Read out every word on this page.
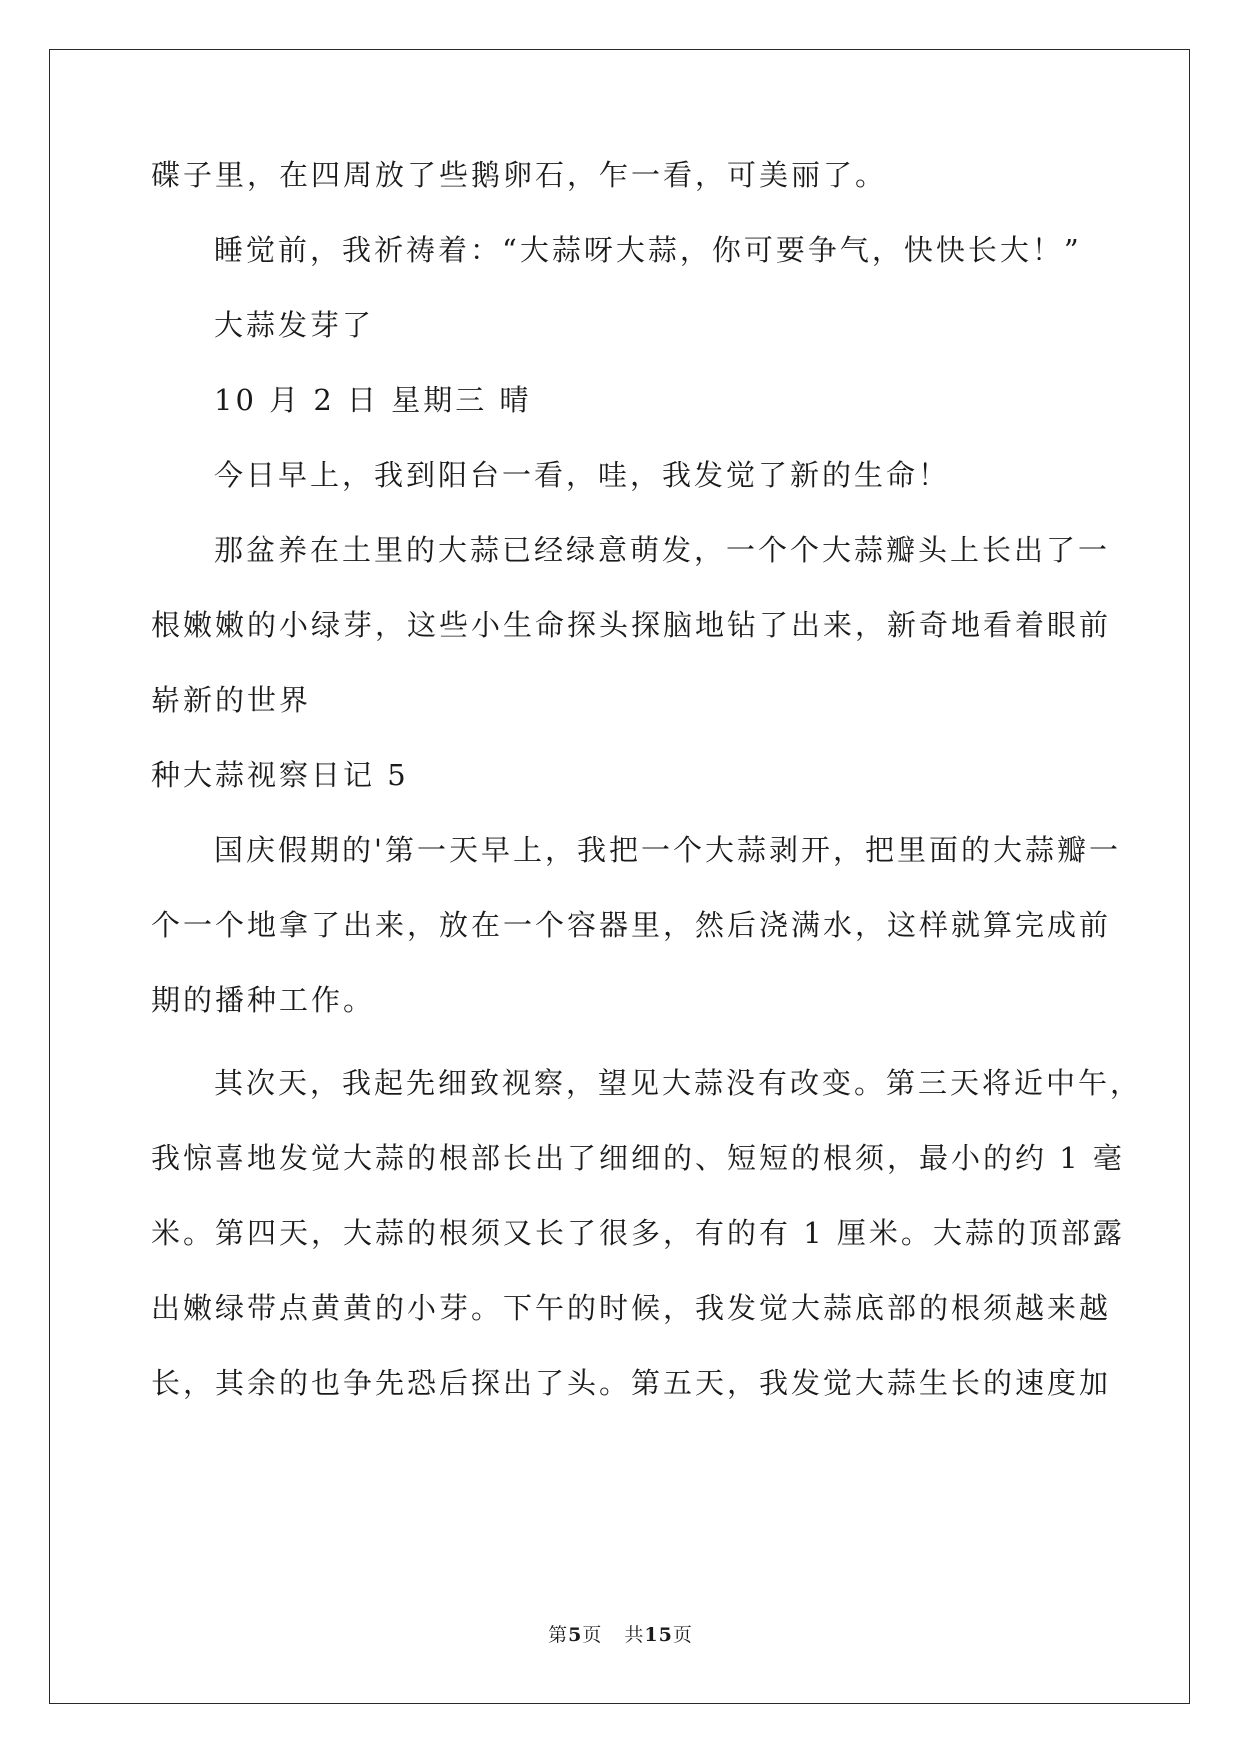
碟子里，在四周放了些鹅卵石，乍一看，可美丽了。
睡觉前，我祈祷着：“大蒜呀大蒜，你可要争气，快快长大！”
大蒜发芽了
10 月 2 日 星期三 晴
今日早上，我到阳台一看，哇，我发觉了新的生命！
那盆养在土里的大蒜已经绿意萌发，一个个大蒜瓣头上长出了一
根嫩嫩的小绿芽，这些小生命探头探脑地钻了出来，新奇地看着眼前
崭新的世界
种大蒜视察日记 5
国庆假期的'第一天早上，我把一个大蒜剥开，把里面的大蒜瓣一
个一个地拿了出来，放在一个容器里，然后浇满水，这样就算完成前
期的播种工作。
其次天，我起先细致视察，望见大蒜没有改变。第三天将近中午，
我惊喜地发觉大蒜的根部长出了细细的、短短的根须，最小的约 1 毫
米。第四天，大蒜的根须又长了很多，有的有 1 厘米。大蒜的顶部露
出嫩绿带点黄黄的小芽。下午的时候，我发觉大蒜底部的根须越来越
长，其余的也争先恐后探出了头。第五天，我发觉大蒜生长的速度加
第5页 共15页
